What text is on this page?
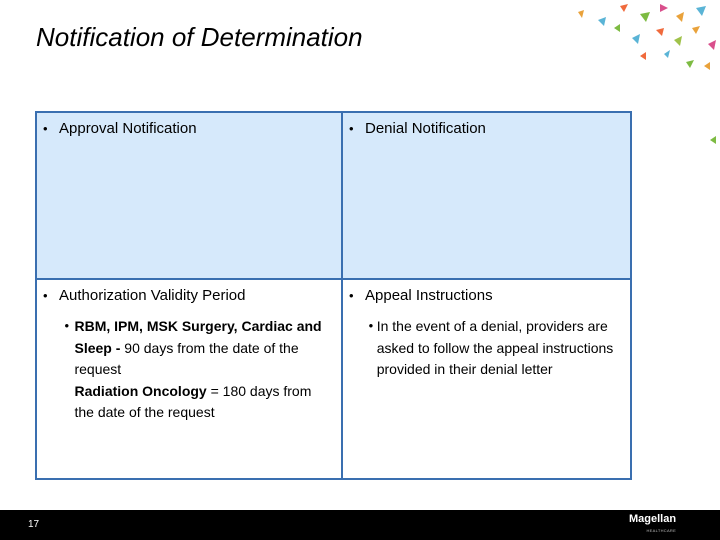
Notification of Determination
• Approval Notification	• Denial Notification
• Authorization Validity Period
• RBM, IPM, MSK Surgery, Cardiac and Sleep - 90 days from the date of the request
Radiation Oncology = 180 days from the date of the request
• Appeal Instructions
• In the event of a denial, providers are asked to follow the appeal instructions provided in their denial letter
17	Magellan
HEALTHCARE
